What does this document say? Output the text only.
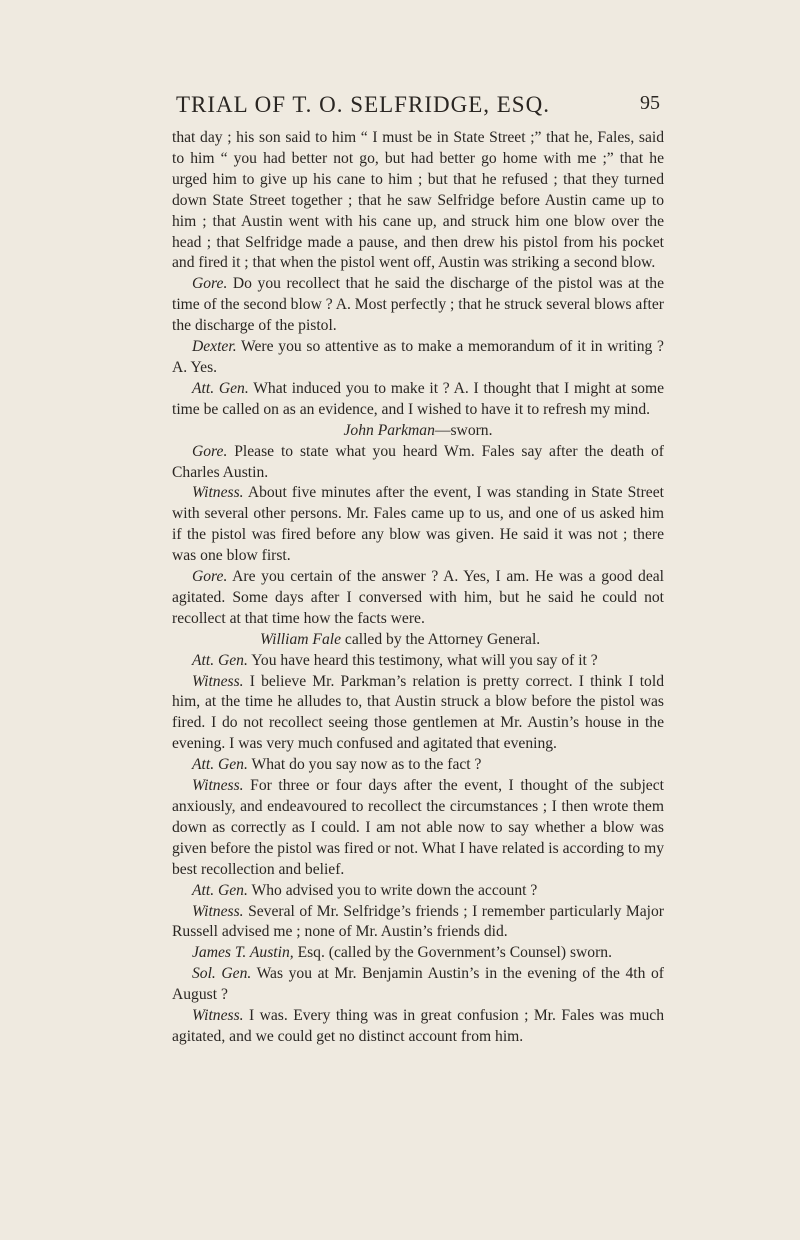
TRIAL OF T. O. SELFRIDGE, ESQ.	95

that day ; his son said to him “ I must be in State Street ;” that he, Fales, said to him “ you had better not go, but had better go home with me ;” that he urged him to give up his cane to him ; but that he refused ; that they turned down State Street together ; that he saw Selfridge before Austin came up to him ; that Austin went with his cane up, and struck him one blow over the head ; that Selfridge made a pause, and then drew his pistol from his pocket and fired it ; that when the pistol went off, Austin was striking a second blow.

Gore. Do you recollect that he said the discharge of the pistol was at the time of the second blow ? A. Most perfectly ; that he struck several blows after the discharge of the pistol.

Dexter. Were you so attentive as to make a memorandum of it in writing ? A. Yes.

Att. Gen. What induced you to make it ? A. I thought that I might at some time be called on as an evidence, and I wished to have it to refresh my mind.

John Parkman—sworn.

Gore. Please to state what you heard Wm. Fales say after the death of Charles Austin.

Witness. About five minutes after the event, I was standing in State Street with several other persons. Mr. Fales came up to us, and one of us asked him if the pistol was fired before any blow was given. He said it was not ; there was one blow first.

Gore. Are you certain of the answer ? A. Yes, I am. He was a good deal agitated. Some days after I conversed with him, but he said he could not recollect at that time how the facts were.

William Fale called by the Attorney General.

Att. Gen. You have heard this testimony, what will you say of it ?

Witness. I believe Mr. Parkman’s relation is pretty correct. I think I told him, at the time he alludes to, that Austin struck a blow before the pistol was fired. I do not recollect seeing those gentlemen at Mr. Austin’s house in the evening. I was very much confused and agitated that evening.

Att. Gen. What do you say now as to the fact ?

Witness. For three or four days after the event, I thought of the subject anxiously, and endeavoured to recollect the circumstances ; I then wrote them down as correctly as I could. I am not able now to say whether a blow was given before the pistol was fired or not. What I have related is according to my best recollection and belief.

Att. Gen. Who advised you to write down the account ?

Witness. Several of Mr. Selfridge’s friends ; I remember particularly Major Russell advised me ; none of Mr. Austin’s friends did.

James T. Austin, Esq. (called by the Government’s Counsel) sworn.

Sol. Gen. Was you at Mr. Benjamin Austin’s in the evening of the 4th of August ?

Witness. I was. Every thing was in great confusion ; Mr. Fales was much agitated, and we could get no distinct account from him.
